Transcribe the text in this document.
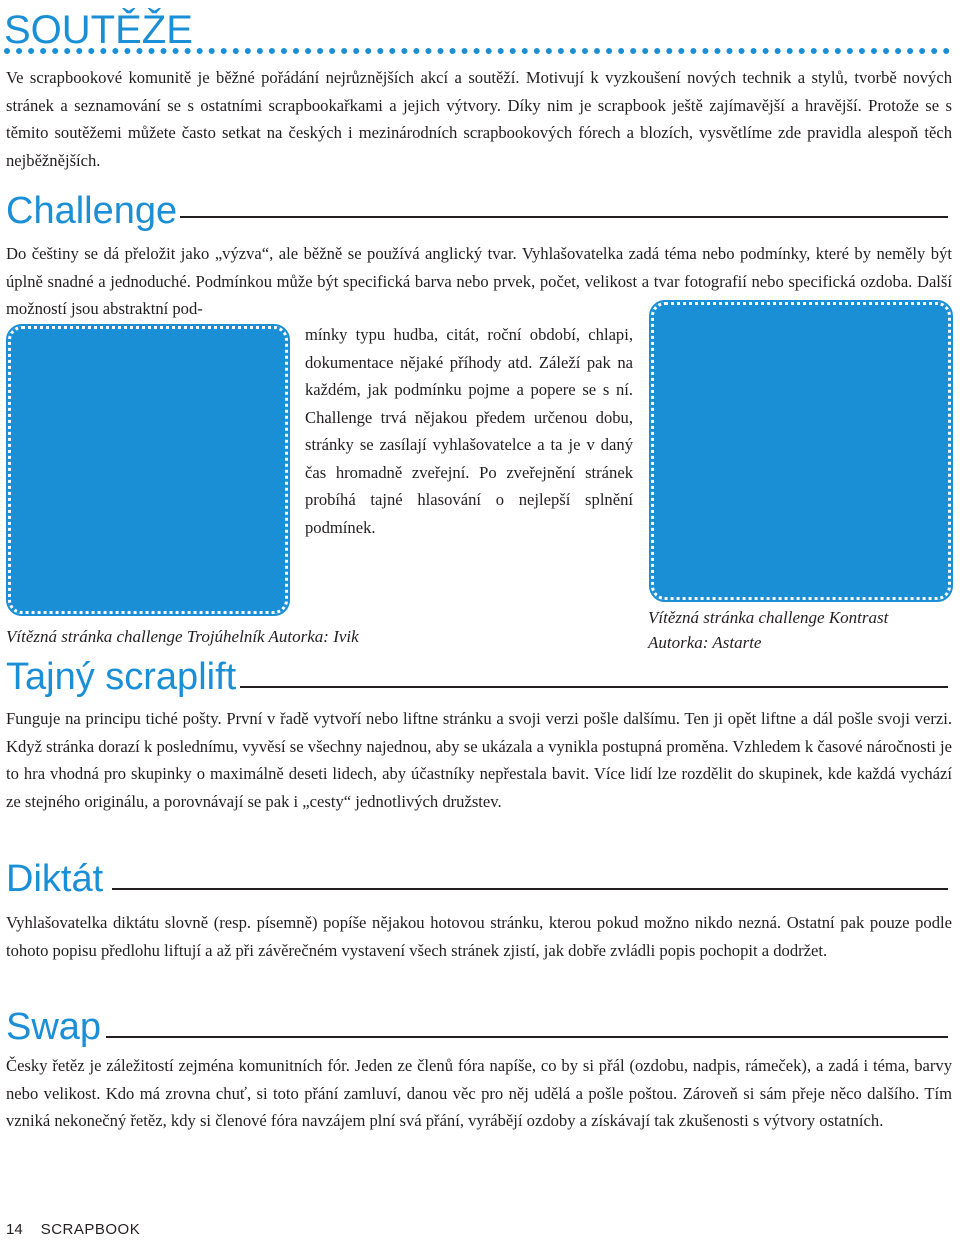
SOUTĚŽE

Ve scrapbookové komunitě je běžné pořádání nejrůznějších akcí a soutěží. Motivují k vyzkoušení nových technik a stylů, tvorbě nových stránek a seznamování se s ostatními scrapbookařkami a jejich výtvory. Díky nim je scrapbook ještě zajímavější a hravější. Protože se s těmito soutěžemi můžete často setkat na českých i mezinárodních scrapbookových fórech a blozích, vysvětlíme zde pravidla alespoň těch nejběžnějších.

Challenge

Do češtiny se dá přeložit jako „výzva“, ale běžně se používá anglický tvar. Vyhlašovatelka zadá téma nebo podmínky, které by neměly být úplně snadné a jednoduché. Podmínkou může být specifická barva nebo prvek, počet, velikost a tvar fotografií nebo specifická ozdoba. Další možností jsou abstraktní pod-

mínky typu hudba, citát, roční období, chlapi, dokumentace nějaké příhody atd. Záleží pak na každém, jak podmínku pojme a popere se s ní. Challenge trvá nějakou předem určenou dobu, stránky se zasílají vyhlašovatelce a ta je v daný čas hromadně zveřejní. Po zveřejnění stránek probíhá tajné hlasování o nejlepší splnění podmínek.

Vítězná stránka challenge Trojúhelník Autorka: Ivik
Vítězná stránka challenge Kontrast
Autorka: Astarte
Tajný scraplift

Funguje na principu tiché pošty. První v řadě vytvoří nebo liftne stránku a svoji verzi pošle dalšímu. Ten ji opět liftne a dál pošle svoji verzi. Když stránka dorazí k poslednímu, vyvěsí se všechny najednou, aby se ukázala a vynikla postupná proměna. Vzhledem k časové náročnosti je to hra vhodná pro skupinky o maximálně deseti lidech, aby účastníky nepřestala bavit. Více lidí lze rozdělit do skupinek, kde každá vychází ze stejného originálu, a porovnávají se pak i „cesty“ jednotlivých družstev.

Diktát

Vyhlašovatelka diktátu slovně (resp. písemně) popíše nějakou hotovou stránku, kterou pokud možno nikdo nezná. Ostatní pak pouze podle tohoto popisu předlohu liftují a až při závěrečném vystavení všech stránek zjistí, jak dobře zvládli popis pochopit a dodržet.

Swap

Česky řetěz je záležitostí zejména komunitních fór. Jeden ze členů fóra napíše, co by si přál (ozdobu, nadpis, rámeček), a zadá i téma, barvy nebo velikost. Kdo má zrovna chuť, si toto přání zamluví, danou věc pro něj udělá a pošle poštou. Zároveň si sám přeje něco dalšího. Tím vzniká nekonečný řetěz, kdy si členové fóra navzájem plní svá přání, vyrábějí ozdoby a získávají tak zkušenosti s výtvory ostatních.

14 SCRAPBOOK
